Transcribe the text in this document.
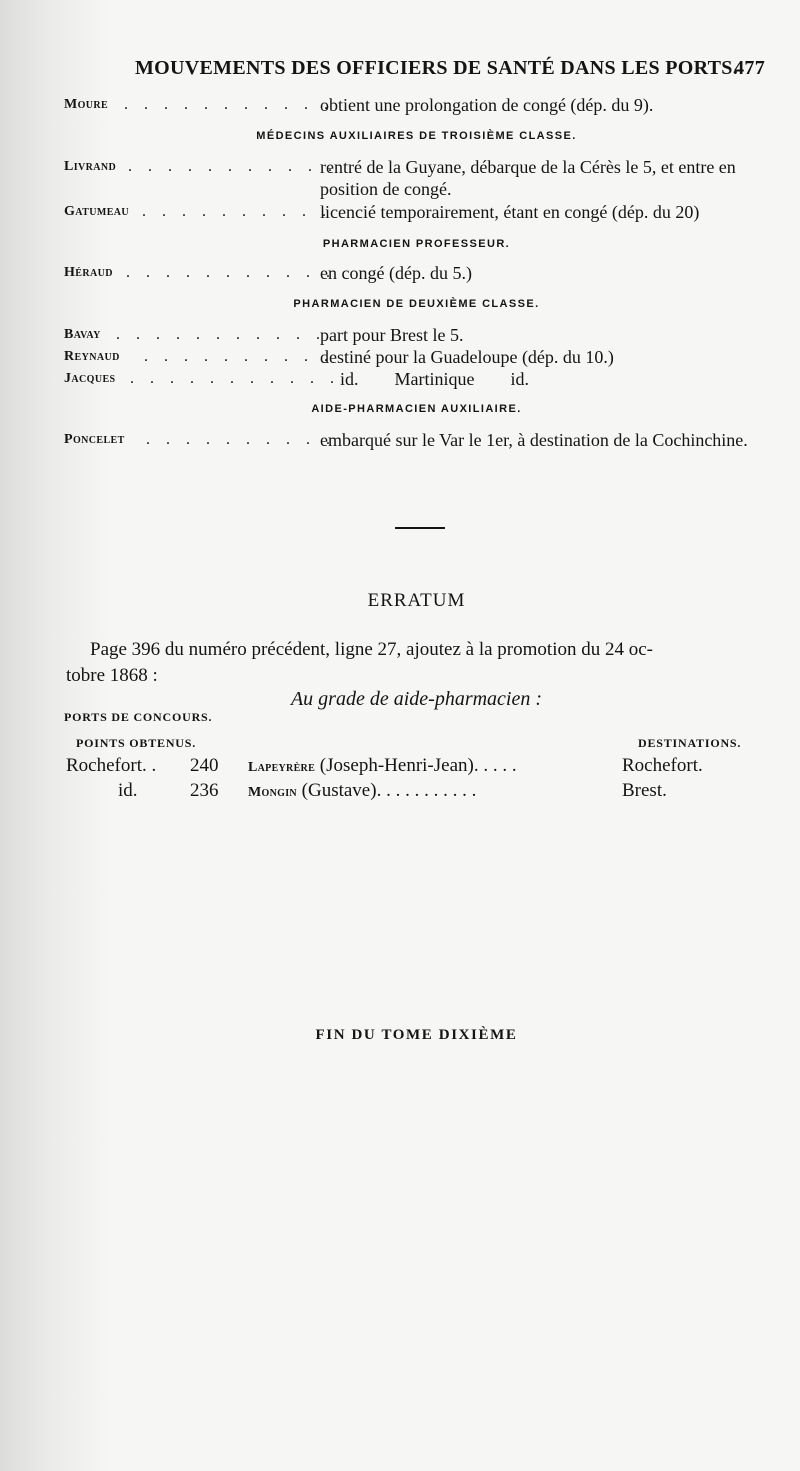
MOUVEMENTS DES OFFICIERS DE SANTÉ DANS LES PORTS.
477
Moure . . . . . . . . . . .
obtient une prolongation de congé (dép. du 9).
MÉDECINS AUXILIAIRES DE TROISIÈME CLASSE.
Livrand . . . . . . . . . . .
rentré de la Guyane, débarque de la Cérès le 5, et entre en position de congé.
Gatumeau . . . . . . . . . .
licencié temporairement, étant en congé (dép. du 20)
PHARMACIEN PROFESSEUR.
Héraud . . . . . . . . . . .
en congé (dép. du 5.)
PHARMACIEN DE DEUXIÈME CLASSE.
Bavay . . . . . . . . . . .
part pour Brest le 5.
Reynaud . . . . . . . . . .
destiné pour la Guadeloupe (dép. du 10.)
Jacques . . . . . . . . . . . id.        Martinique        id.
AIDE-PHARMACIEN AUXILIAIRE.
Poncelet . . . . . . . . . .
embarqué sur le Var le 1er, à destination de la Cochinchine.
ERRATUM
Page 396 du numéro précédent, ligne 27, ajoutez à la promotion du 24 oc-
tobre 1868 :
Au grade de aide-pharmacien :
PORTS DE CONCOURS.
POINTS OBTENUS.	DESTINATIONS.
Rochefort. . 240 Lapeyrère (Joseph-Henri-Jean). . . . .	Rochefort.
id.	236 Mongin (Gustave). . . . . . . . . . .	Brest.
FIN DU TOME DIXIÈME
